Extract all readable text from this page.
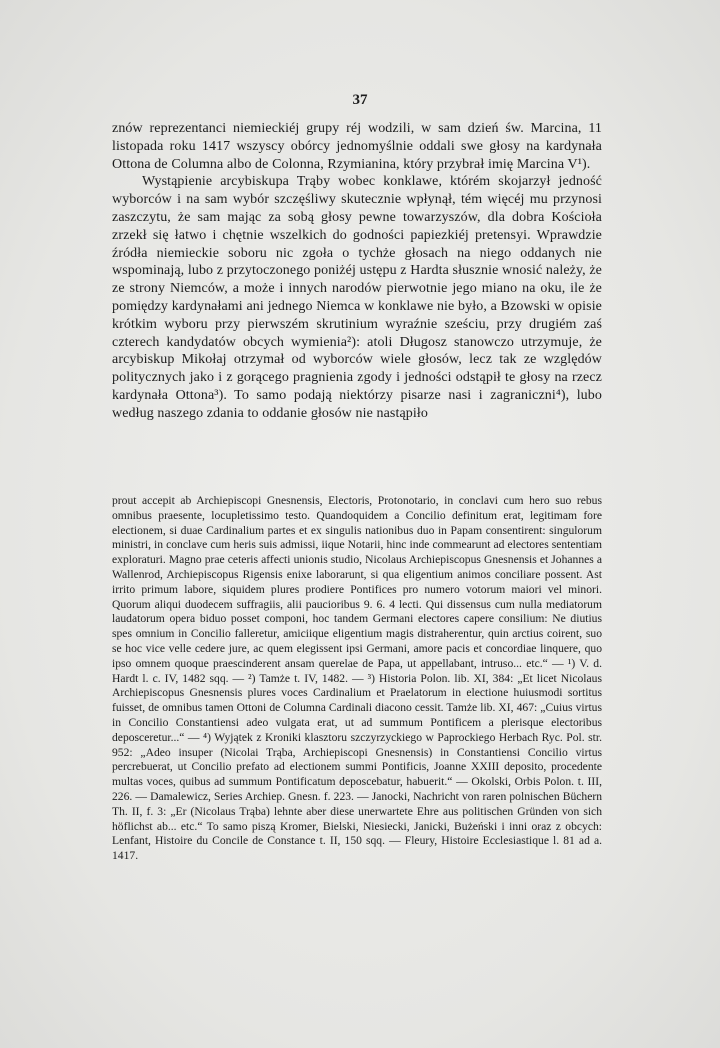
37

znów reprezentanci niemieckiéj grupy réj wodzili, w sam dzień św. Marcina, 11 listopada roku 1417 wszyscy obórcy jednomyślnie oddali swe głosy na kardynała Ottona de Columna albo de Colonna, Rzymianina, który przybrał imię Marcina V¹).

Wystąpienie arcybiskupa Trąby wobec konklawe, którém skojarzył jedność wyborców i na sam wybór szczęśliwy skutecznie wpłynął, tém więcéj mu przynosi zaszczytu, że sam mając za sobą głosy pewne towarzyszów, dla dobra Kościoła zrzekł się łatwo i chętnie wszelkich do godności papiezkiéj pretensyi. Wprawdzie źródła niemieckie soboru nic zgoła o tychże głosach na niego oddanych nie wspominają, lubo z przytoczonego poniżéj ustępu z Hardta słusznie wnosić należy, że ze strony Niemców, a może i innych narodów pierwotnie jego miano na oku, ile że pomiędzy kardynałami ani jednego Niemca w konklawe nie było, a Bzowski w opisie krótkim wyboru przy pierwszém skrutinium wyraźnie sześciu, przy drugiém zaś czterech kandydatów obcych wymienia²): atoli Długosz stanowczo utrzymuje, że arcybiskup Mikołaj otrzymał od wyborców wiele głosów, lecz tak ze względów politycznych jako i z gorącego pragnienia zgody i jedności odstąpił te głosy na rzecz kardynała Ottona³). To samo podają niektórzy pisarze nasi i zagraniczni⁴), lubo według naszego zdania to oddanie głosów nie nastąpiło

prout accepit ab Archiepiscopi Gnesnensis, Electoris, Protonotario, in conclavi cum hero suo rebus omnibus praesente, locupletissimo testo. Quandoquidem a Concilio definitum erat, legitimam fore electionem, si duae Cardinalium partes et ex singulis nationibus duo in Papam consentirent: singulorum ministri, in conclave cum heris suis admissi, iique Notarii, hinc inde commearunt ad electores sententiam exploraturi. Magno prae ceteris affecti unionis studio, Nicolaus Archiepiscopus Gnesnensis et Johannes a Wallenrod, Archiepiscopus Rigensis enixe laborarunt, si qua eligentium animos conciliare possent. Ast irrito primum labore, siquidem plures prodiere Pontifices pro numero votorum maiori vel minori. Quorum aliqui duodecem suffragiis, alii paucioribus 9. 6. 4 lecti. Qui dissensus cum nulla mediatorum laudatorum opera biduo posset componi, hoc tandem Germani electores capere consilium: Ne diutius spes omnium in Concilio falleretur, amiciique eligentium magis distraherentur, quin arctius coirent, suo se hoc vice velle cedere jure, ac quem elegissent ipsi Germani, amore pacis et concordiae linquere, quo ipso omnem quoque praescinderent ansam querelae de Papa, ut appellabant, intruso... etc.“ — ¹) V. d. Hardt l. c. IV, 1482 sqq. — ²) Tamże t. IV, 1482. — ³) Historia Polon. lib. XI, 384: „Et licet Nicolaus Archiepiscopus Gnesnensis plures voces Cardinalium et Praelatorum in electione huiusmodi sortitus fuisset, de omnibus tamen Ottoni de Columna Cardinali diacono cessit. Tamże lib. XI, 467: „Cuius virtus in Concilio Constantiensi adeo vulgata erat, ut ad summum Pontificem a plerisque electoribus deposceretur...“ — ⁴) Wyjątek z Kroniki klasztoru szczyrzyckiego w Paprockiego Herbach Ryc. Pol. str. 952: „Adeo insuper (Nicolai Trąba, Archiepiscopi Gnesnensis) in Constantiensi Concilio virtus percrebuerat, ut Concilio prefato ad electionem summi Pontificis, Joanne XXIII deposito, procedente multas voces, quibus ad summum Pontificatum deposcebatur, habuerit.“ — Okolski, Orbis Polon. t. III, 226. — Damalewicz, Series Archiep. Gnesn. f. 223. — Janocki, Nachricht von raren polnischen Büchern Th. II, f. 3: „Er (Nicolaus Trąba) lehnte aber diese unerwartete Ehre aus politischen Gründen von sich höflichst ab... etc.“ To samo piszą Kromer, Bielski, Niesiecki, Janicki, Bużeński i inni oraz z obcych: Lenfant, Histoire du Concile de Constance t. II, 150 sqq. — Fleury, Histoire Ecclesiastique l. 81 ad a. 1417.
